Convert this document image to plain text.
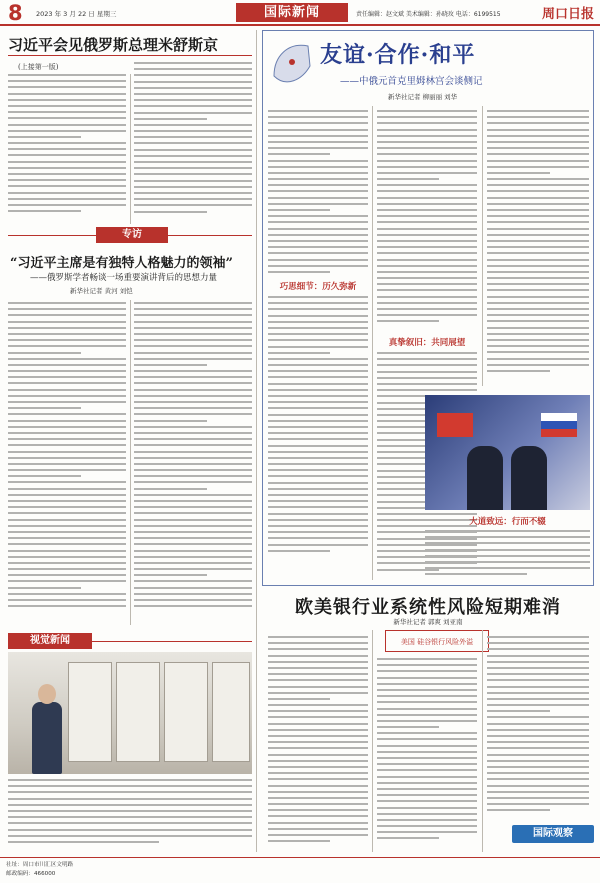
8 2023 年 3 月 22 日 星期三	国际新闻	责任编辑：赵文斌 美术编辑：孙晓玫 电话：6199515	周口日报
习近平会见俄罗斯总理米舒斯京
(上接第一版)
专访
“习近平主席是有独特人格魅力的领袖”
——俄罗斯学者畅谈一场重要演讲背后的思想力量
新华社记者 黄河 刘恺
视觉新闻
友谊·合作·和平
——中俄元首克里姆林宫会谈侧记
新华社记者 柳丽丽 刘华
巧思细节：历久弥新
真挚叙旧：共同展望
大道致远：行而不辍
欧美银行业系统性风险短期难消
新华社记者 郭爽 刘亚南
美国 硅谷银行风险外溢
国际观察
社址：周口市川汇区文明路
邮政编码：466000
